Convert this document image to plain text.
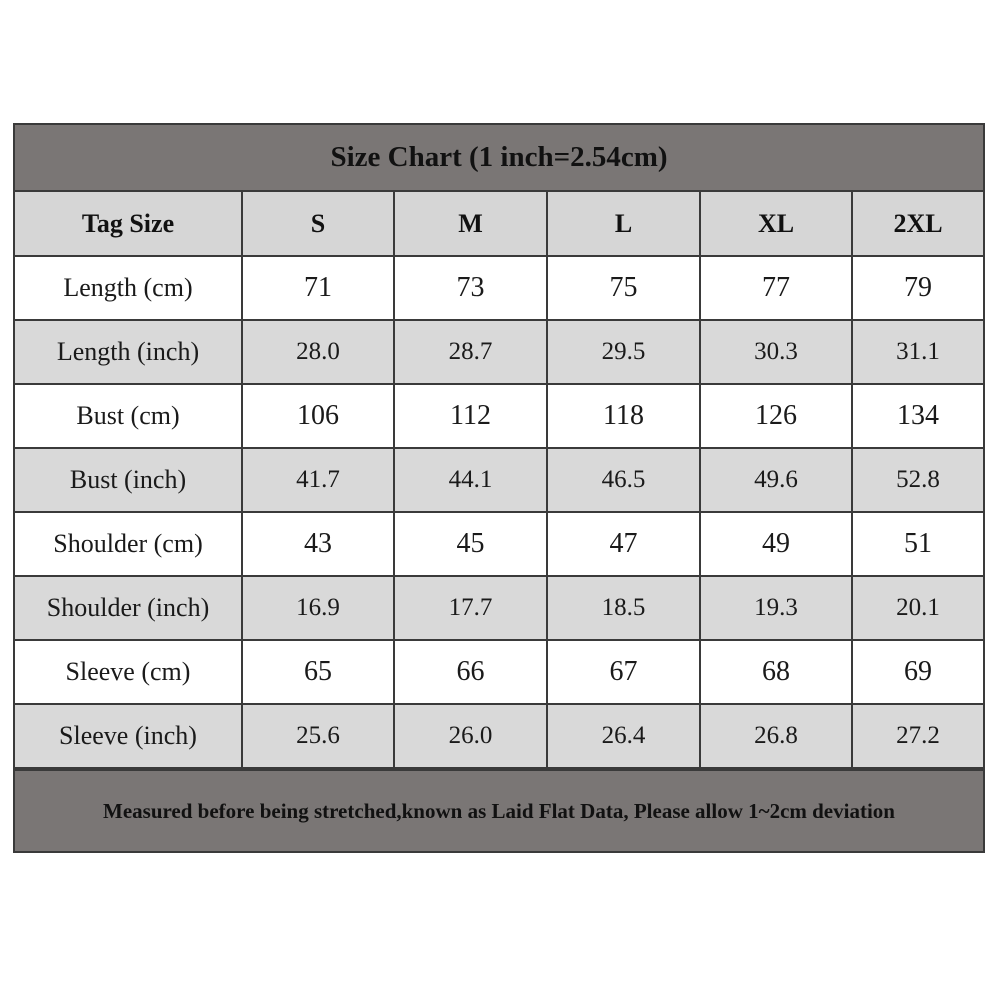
Size Chart (1 inch=2.54cm)
Tag Size	S	M	L	XL	2XL
Length (cm)	71	73	75	77	79
Length (inch)	28.0	28.7	29.5	30.3	31.1
Bust (cm)	106	112	118	126	134
Bust (inch)	41.7	44.1	46.5	49.6	52.8
Shoulder (cm)	43	45	47	49	51
Shoulder (inch)	16.9	17.7	18.5	19.3	20.1
Sleeve (cm)	65	66	67	68	69
Sleeve (inch)	25.6	26.0	26.4	26.8	27.2
Measured before being stretched,known as Laid Flat Data, Please allow 1~2cm deviation
